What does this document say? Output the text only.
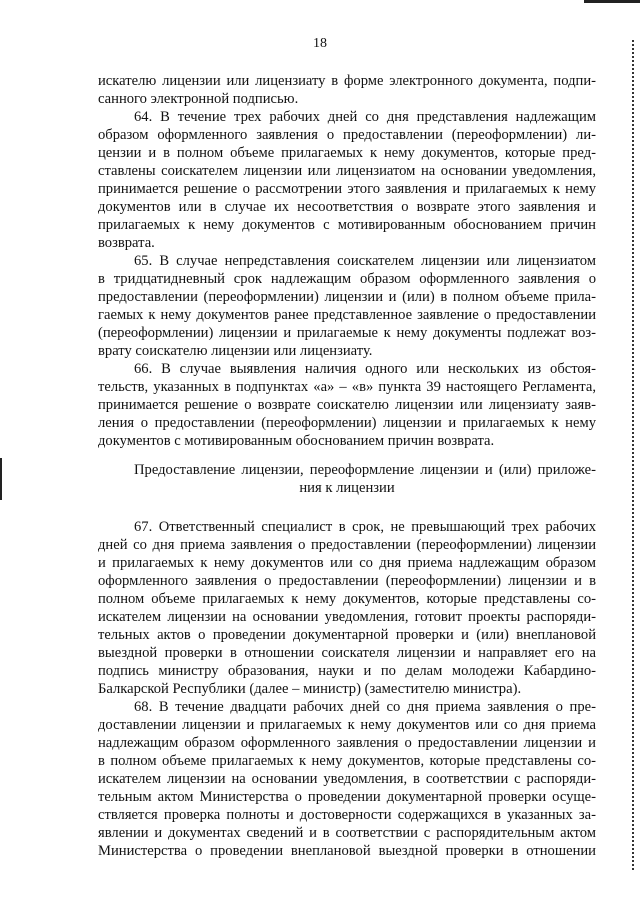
18
искателю лицензии или лицензиату в форме электронного документа, подпи-
санного электронной подписью.
64. В течение трех рабочих дней со дня представления надлежащим
образом оформленного заявления о предоставлении (переоформлении) ли-
цензии и в полном объеме прилагаемых к нему документов, которые пред-
ставлены соискателем лицензии или лицензиатом на основании уведомления,
принимается решение о рассмотрении этого заявления и прилагаемых к нему
документов или в случае их несоответствия о возврате этого заявления и
прилагаемых к нему документов с мотивированным обоснованием причин
возврата.
65. В случае непредставления соискателем лицензии или лицензиатом
в тридцатидневный срок надлежащим образом оформленного заявления о
предоставлении (переоформлении) лицензии и (или) в полном объеме прила-
гаемых к нему документов ранее представленное заявление о предоставлении
(переоформлении) лицензии и прилагаемые к нему документы подлежат воз-
врату соискателю лицензии или лицензиату.
66. В случае выявления наличия одного или нескольких из обстоя-
тельств, указанных в подпунктах «а» – «в» пункта 39 настоящего Регламента,
принимается решение о возврате соискателю лицензии или лицензиату заяв-
ления о предоставлении (переоформлении) лицензии и прилагаемых к нему
документов с мотивированным обоснованием причин возврата.
Предоставление лицензии, переоформление лицензии и (или) приложе-
ния к лицензии
67. Ответственный специалист в срок, не превышающий трех рабочих
дней со дня приема заявления о предоставлении (переоформлении) лицензии
и прилагаемых к нему документов или со дня приема надлежащим образом
оформленного заявления о предоставлении (переоформлении) лицензии и в
полном объеме прилагаемых к нему документов, которые представлены со-
искателем лицензии на основании уведомления, готовит проекты распоряди-
тельных актов о проведении документарной проверки и (или) внеплановой
выездной проверки в отношении соискателя лицензии и направляет его на
подпись министру образования, науки и по делам молодежи Кабардино-
Балкарской Республики (далее – министр) (заместителю министра).
68. В течение двадцати рабочих дней со дня приема заявления о пре-
доставлении лицензии и прилагаемых к нему документов или со дня приема
надлежащим образом оформленного заявления о предоставлении лицензии и
в полном объеме прилагаемых к нему документов, которые представлены со-
искателем лицензии на основании уведомления, в соответствии с распоряди-
тельным актом Министерства о проведении документарной проверки осуще-
ствляется проверка полноты и достоверности содержащихся в указанных за-
явлении и документах сведений и в соответствии с распорядительным актом
Министерства о проведении внеплановой выездной проверки в отношении
